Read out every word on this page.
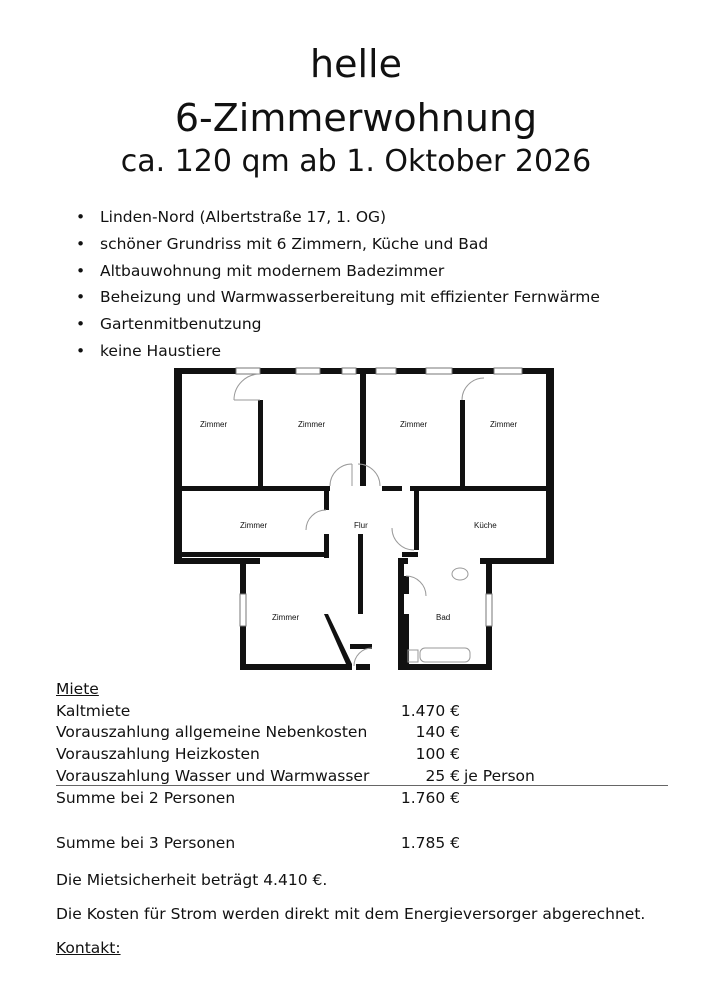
helle
6-Zimmerwohnung
ca. 120 qm ab 1. Oktober 2026
• Linden-Nord (Albertstraße 17, 1. OG)
• schöner Grundriss mit 6 Zimmern, Küche und Bad
• Altbauwohnung mit modernem Badezimmer
• Beheizung und Warmwasserbereitung mit effizienter Fernwärme
• Gartenmitbenutzung
• keine Haustiere
Zimmer	Zimmer	Zimmer	Zimmer
Zimmer	Flur	Küche
Zimmer	Bad
Miete
Kaltmiete	1.470 €
Vorauszahlung allgemeine Nebenkosten	140 €
Vorauszahlung Heizkosten	100 €
Vorauszahlung Wasser und Warmwasser	25 € je Person
Summe bei 2 Personen	1.760 €
Summe bei 3 Personen	1.785 €
Die Mietsicherheit beträgt 4.410 €.
Die Kosten für Strom werden direkt mit dem Energieversorger abgerechnet.
Kontakt:
